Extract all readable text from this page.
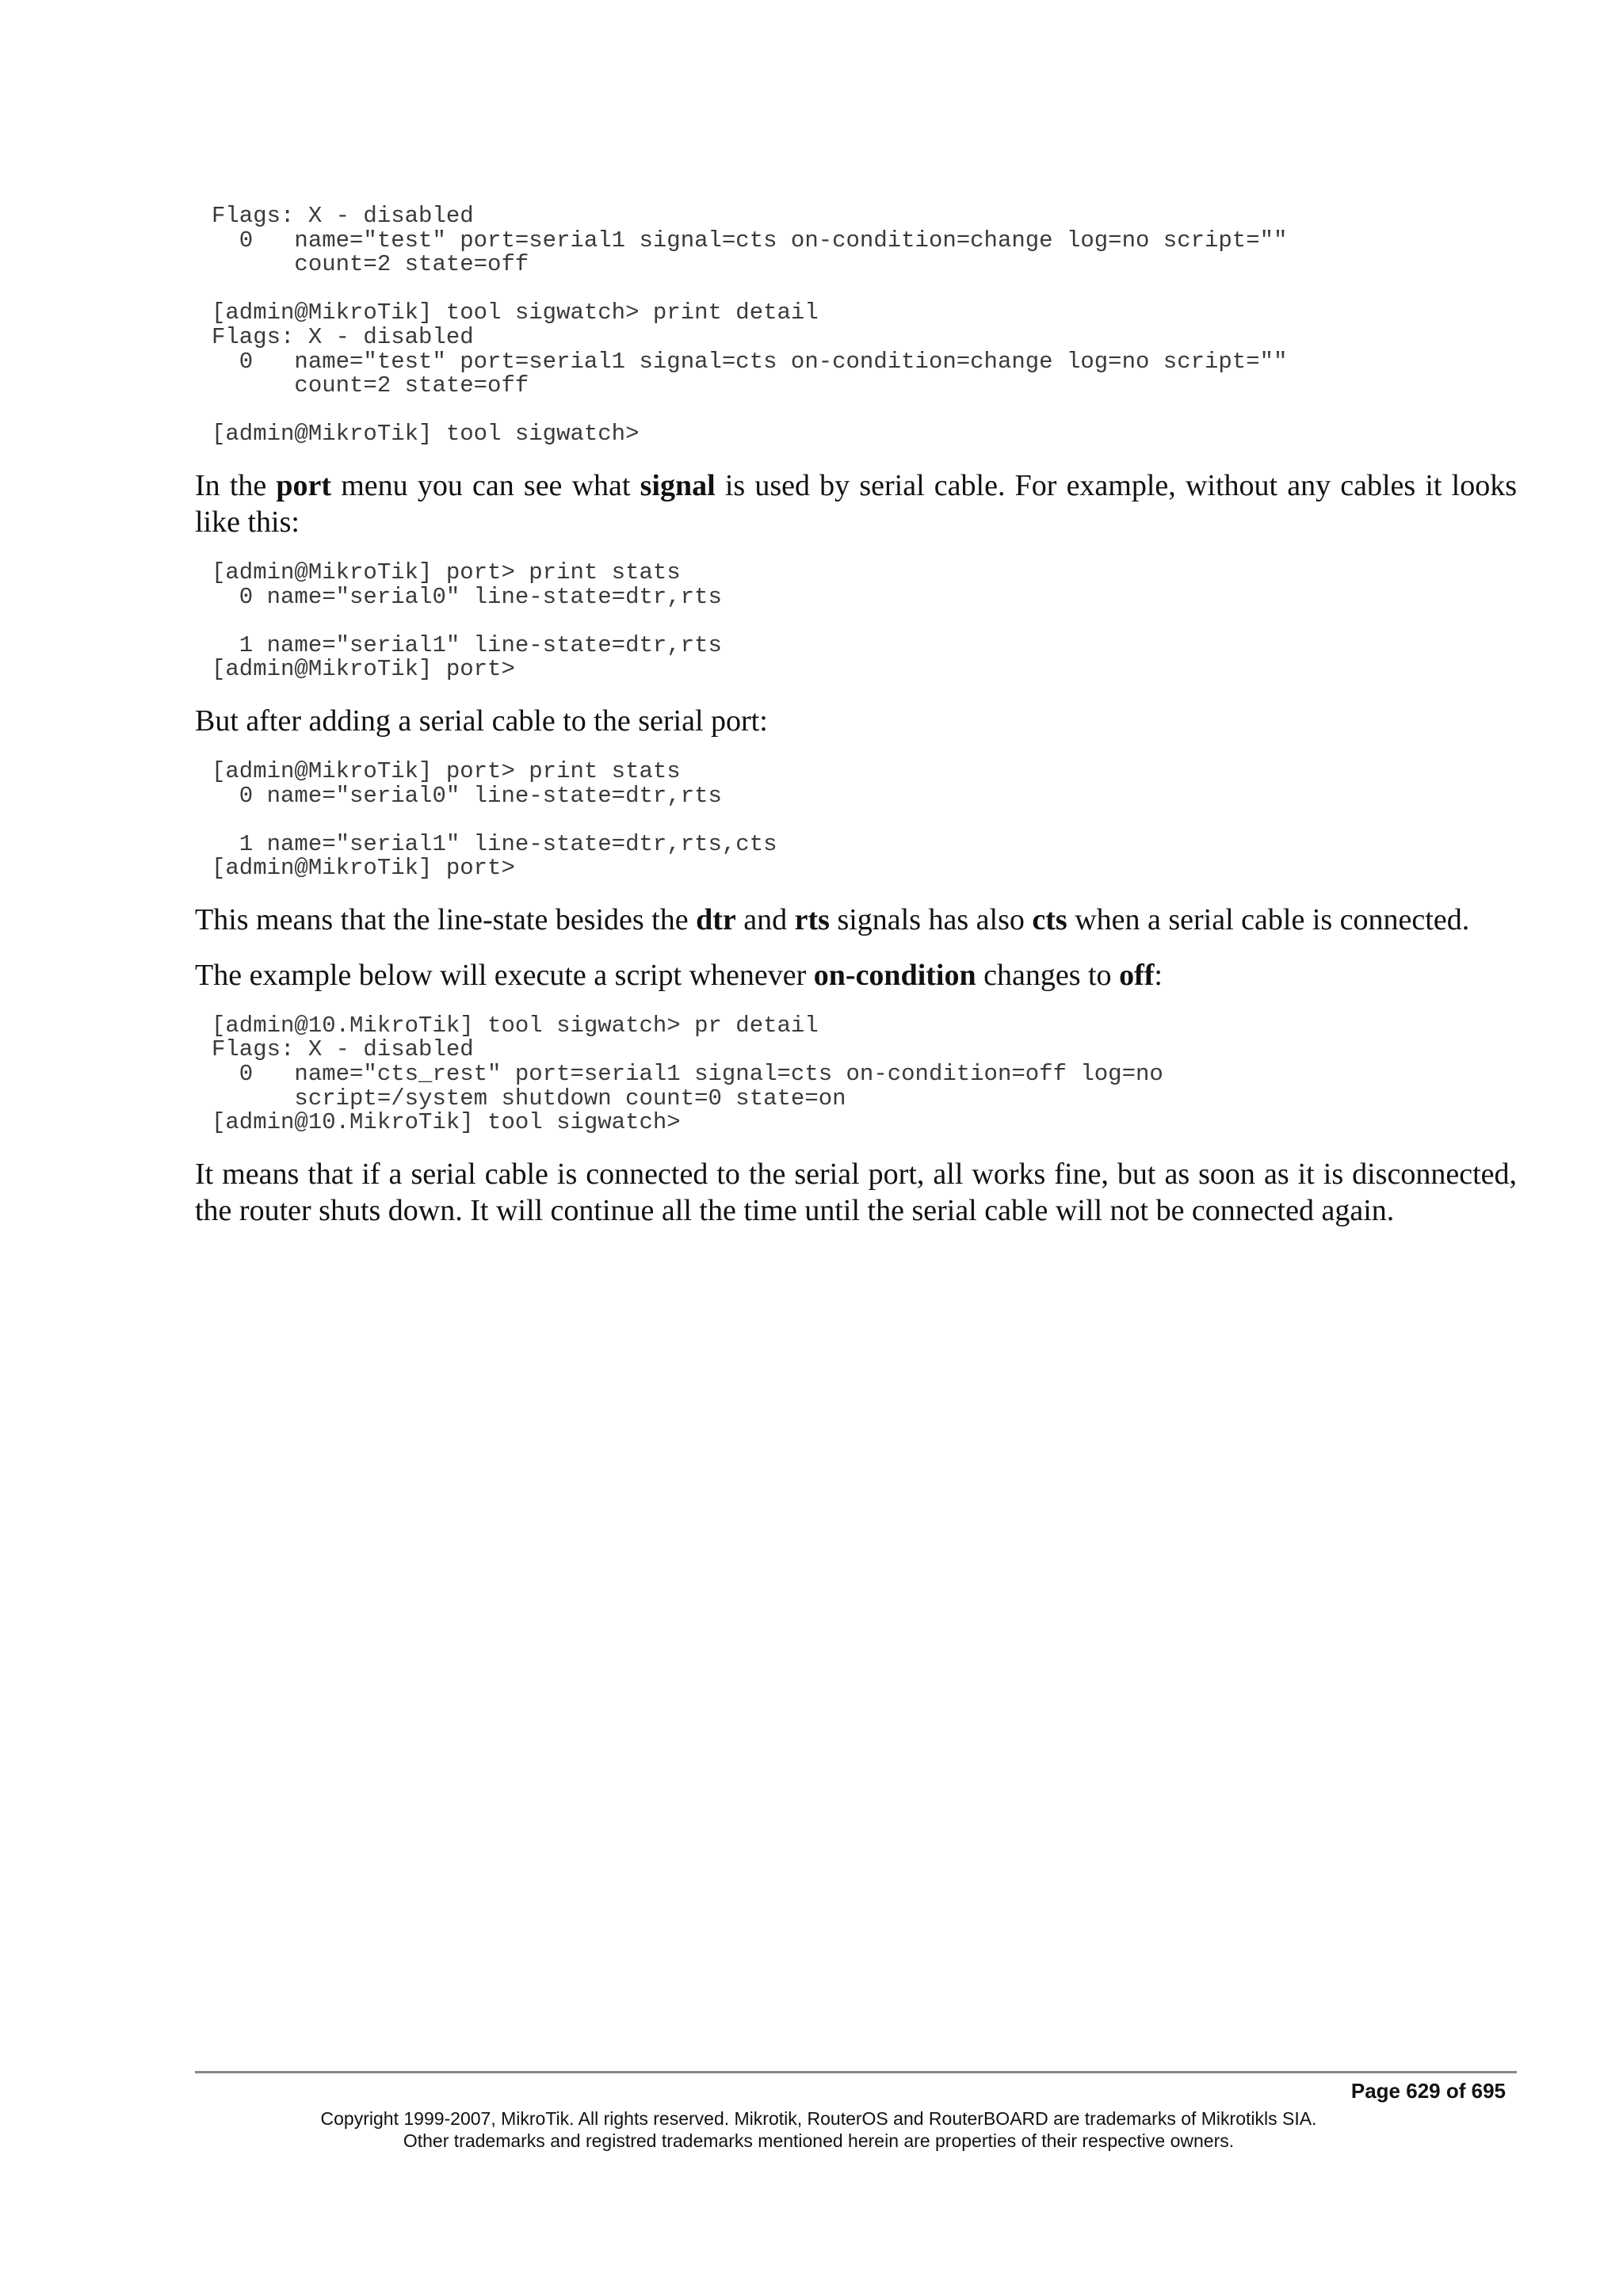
Flags: X - disabled
0   name="test" port=serial1 signal=cts on-condition=change log=no script=""
count=2 state=off
[admin@MikroTik] tool sigwatch> print detail
Flags: X - disabled
0   name="test" port=serial1 signal=cts on-condition=change log=no script=""
count=2 state=off
[admin@MikroTik] tool sigwatch>

In the port menu you can see what signal is used by serial cable. For example, without any cables it looks like this:

[admin@MikroTik] port> print stats
0 name="serial0" line-state=dtr,rts
1 name="serial1" line-state=dtr,rts
[admin@MikroTik] port>

But after adding a serial cable to the serial port:

[admin@MikroTik] port> print stats
0 name="serial0" line-state=dtr,rts
1 name="serial1" line-state=dtr,rts,cts
[admin@MikroTik] port>

This means that the line-state besides the dtr and rts signals has also cts when a serial cable is connected.

The example below will execute a script whenever on-condition changes to off:

[admin@10.MikroTik] tool sigwatch> pr detail
Flags: X - disabled
0   name="cts_rest" port=serial1 signal=cts on-condition=off log=no
script=/system shutdown count=0 state=on
[admin@10.MikroTik] tool sigwatch>

It means that if a serial cable is connected to the serial port, all works fine, but as soon as it is disconnected, the router shuts down. It will continue all the time until the serial cable will not be connected again.

Page 629 of 695
Copyright 1999-2007, MikroTik. All rights reserved. Mikrotik, RouterOS and RouterBOARD are trademarks of Mikrotikls SIA.
Other trademarks and registred trademarks mentioned herein are properties of their respective owners.
